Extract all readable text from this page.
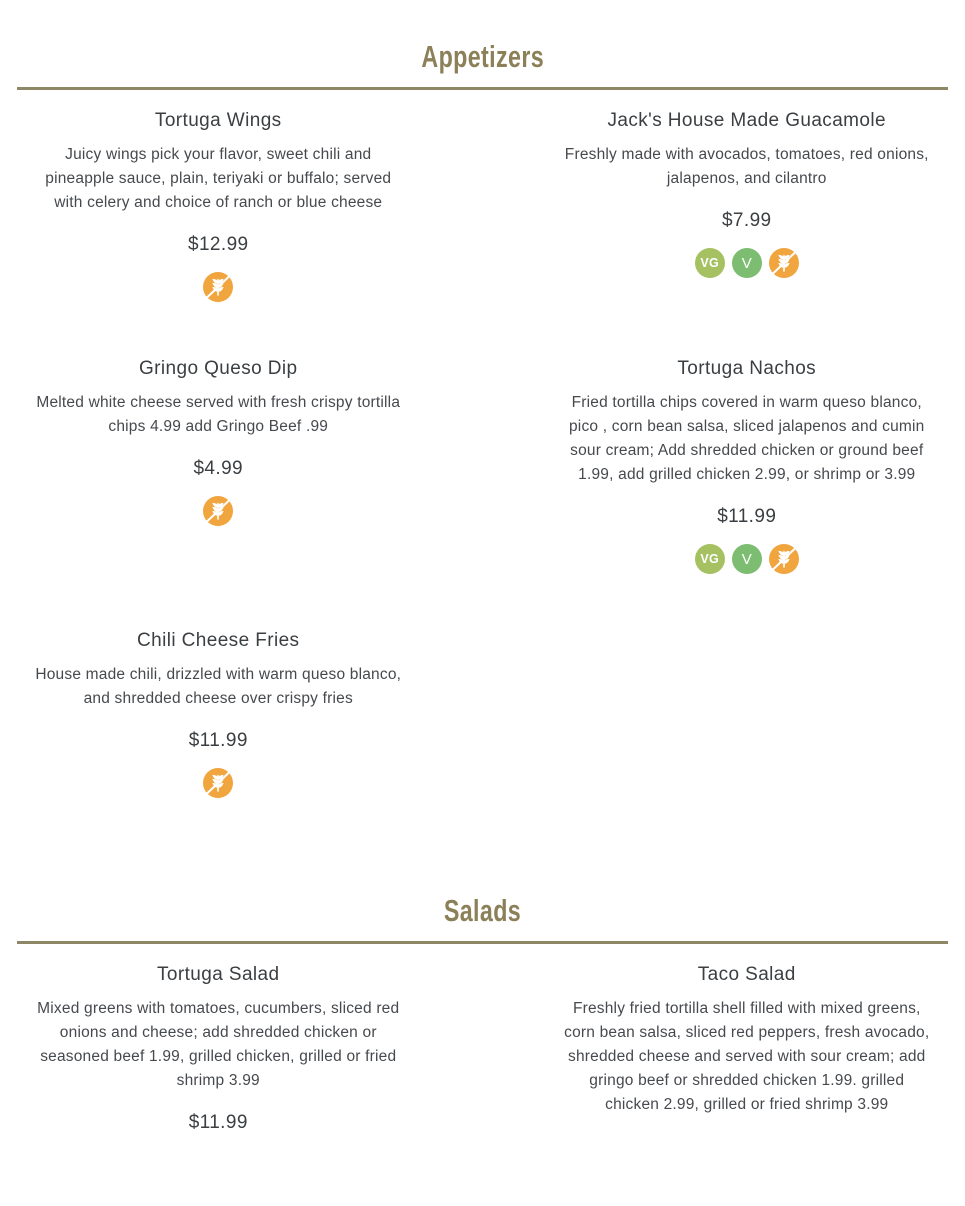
Appetizers
Tortuga Wings

Juicy wings pick your flavor, sweet chili and pineapple sauce, plain, teriyaki or buffalo; served with celery and choice of ranch or blue cheese

$12.99
Jack's House Made Guacamole

Freshly made with avocados, tomatoes, red onions, jalapenos, and cilantro

$7.99
VG	V
Gringo Queso Dip

Melted white cheese served with fresh crispy tortilla chips 4.99 add Gringo Beef .99

$4.99
Tortuga Nachos

Fried tortilla chips covered in warm queso blanco, pico , corn bean salsa, sliced jalapenos and cumin sour cream; Add shredded chicken or ground beef 1.99, add grilled chicken 2.99, or shrimp or 3.99

$11.99
VG	V
Chili Cheese Fries

House made chili, drizzled with warm queso blanco, and shredded cheese over crispy fries

$11.99
Salads
Tortuga Salad

Mixed greens with tomatoes, cucumbers, sliced red onions and cheese; add shredded chicken or seasoned beef 1.99, grilled chicken, grilled or fried shrimp 3.99

$11.99
Taco Salad

Freshly fried tortilla shell filled with mixed greens, corn bean salsa, sliced red peppers, fresh avocado, shredded cheese and served with sour cream; add gringo beef or shredded chicken 1.99. grilled chicken 2.99, grilled or fried shrimp 3.99
